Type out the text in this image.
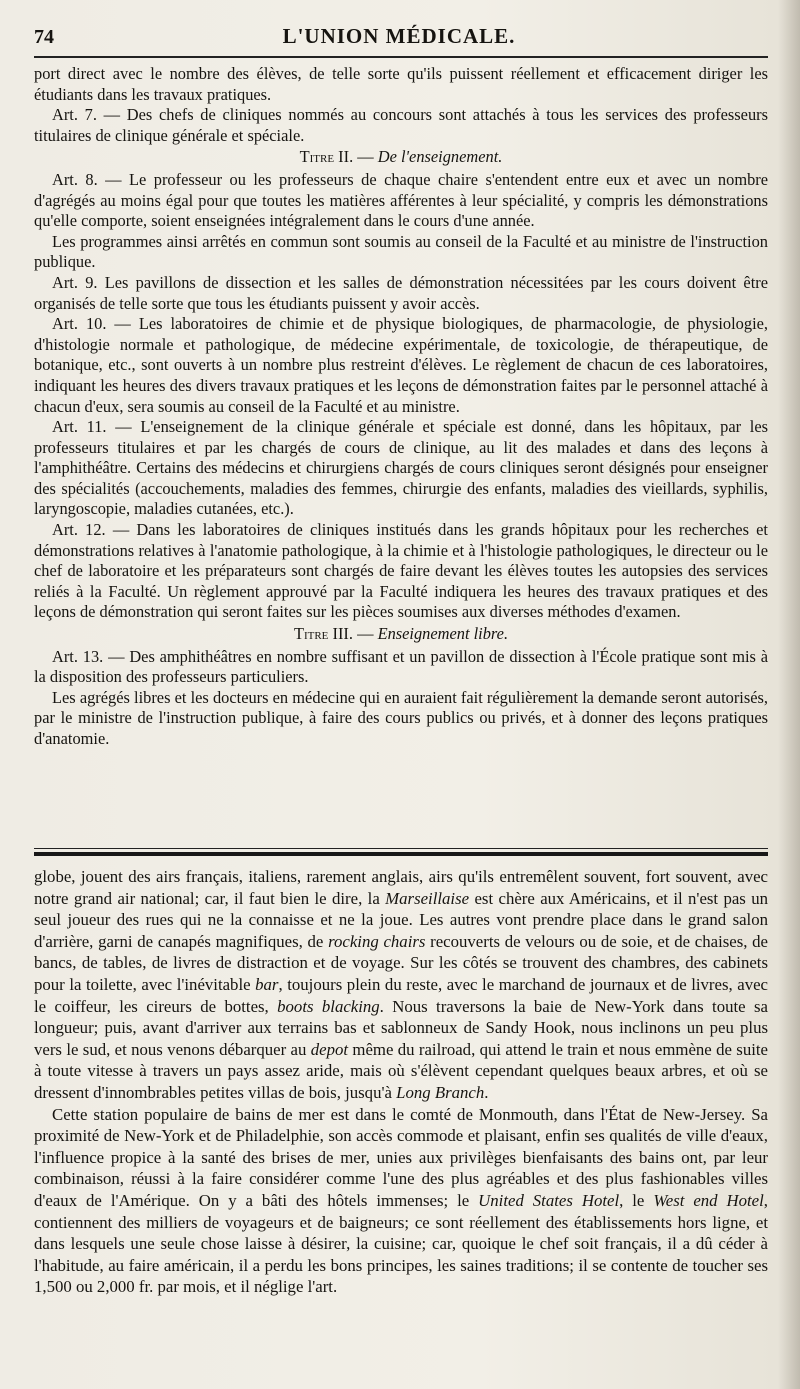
74	L'UNION MÉDICALE.

port direct avec le nombre des élèves, de telle sorte qu'ils puissent réellement et efficacement diriger les étudiants dans les travaux pratiques.

Art. 7. — Des chefs de cliniques nommés au concours sont attachés à tous les services des professeurs titulaires de clinique générale et spéciale.

Titre II. — De l'enseignement.

Art. 8. — Le professeur ou les professeurs de chaque chaire s'entendent entre eux et avec un nombre d'agrégés au moins égal pour que toutes les matières afférentes à leur spécialité, y compris les démonstrations qu'elle comporte, soient enseignées intégralement dans le cours d'une année.

Les programmes ainsi arrêtés en commun sont soumis au conseil de la Faculté et au ministre de l'instruction publique.

Art. 9. Les pavillons de dissection et les salles de démonstration nécessitées par les cours doivent être organisés de telle sorte que tous les étudiants puissent y avoir accès.

Art. 10. — Les laboratoires de chimie et de physique biologiques, de pharmacologie, de physiologie, d'histologie normale et pathologique, de médecine expérimentale, de toxicologie, de thérapeutique, de botanique, etc., sont ouverts à un nombre plus restreint d'élèves. Le règlement de chacun de ces laboratoires, indiquant les heures des divers travaux pratiques et les leçons de démonstration faites par le personnel attaché à chacun d'eux, sera soumis au conseil de la Faculté et au ministre.

Art. 11. — L'enseignement de la clinique générale et spéciale est donné, dans les hôpitaux, par les professeurs titulaires et par les chargés de cours de clinique, au lit des malades et dans des leçons à l'amphithéâtre. Certains des médecins et chirurgiens chargés de cours cliniques seront désignés pour enseigner des spécialités (accouchements, maladies des femmes, chirurgie des enfants, maladies des vieillards, syphilis, laryngoscopie, maladies cutanées, etc.).

Art. 12. — Dans les laboratoires de cliniques institués dans les grands hôpitaux pour les recherches et démonstrations relatives à l'anatomie pathologique, à la chimie et à l'histologie pathologiques, le directeur ou le chef de laboratoire et les préparateurs sont chargés de faire devant les élèves toutes les autopsies des services reliés à la Faculté. Un règlement approuvé par la Faculté indiquera les heures des travaux pratiques et des leçons de démonstration qui seront faites sur les pièces soumises aux diverses méthodes d'examen.

Titre III. — Enseignement libre.

Art. 13. — Des amphithéâtres en nombre suffisant et un pavillon de dissection à l'École pratique sont mis à la disposition des professeurs particuliers.

Les agrégés libres et les docteurs en médecine qui en auraient fait régulièrement la demande seront autorisés, par le ministre de l'instruction publique, à faire des cours publics ou privés, et à donner des leçons pratiques d'anatomie.

globe, jouent des airs français, italiens, rarement anglais, airs qu'ils entremêlent souvent, fort souvent, avec notre grand air national; car, il faut bien le dire, la Marseillaise est chère aux Américains, et il n'est pas un seul joueur des rues qui ne la connaisse et ne la joue. Les autres vont prendre place dans le grand salon d'arrière, garni de canapés magnifiques, de rocking chairs recouverts de velours ou de soie, et de chaises, de bancs, de tables, de livres de distraction et de voyage. Sur les côtés se trouvent des chambres, des cabinets pour la toilette, avec l'inévitable bar, toujours plein du reste, avec le marchand de journaux et de livres, avec le coiffeur, les cireurs de bottes, boots blacking. Nous traversons la baie de New-York dans toute sa longueur; puis, avant d'arriver aux terrains bas et sablonneux de Sandy Hook, nous inclinons un peu plus vers le sud, et nous venons débarquer au depot même du railroad, qui attend le train et nous emmène de suite à toute vitesse à travers un pays assez aride, mais où s'élèvent cependant quelques beaux arbres, et où se dressent d'innombrables petites villas de bois, jusqu'à Long Branch.

Cette station populaire de bains de mer est dans le comté de Monmouth, dans l'État de New-Jersey. Sa proximité de New-York et de Philadelphie, son accès commode et plaisant, enfin ses qualités de ville d'eaux, l'influence propice à la santé des brises de mer, unies aux privilèges bienfaisants des bains ont, par leur combinaison, réussi à la faire considérer comme l'une des plus agréables et des plus fashionables villes d'eaux de l'Amérique. On y a bâti des hôtels immenses; le United States Hotel, le West end Hotel, contiennent des milliers de voyageurs et de baigneurs; ce sont réellement des établissements hors ligne, et dans lesquels une seule chose laisse à désirer, la cuisine; car, quoique le chef soit français, il a dû céder à l'habitude, au faire américain, il a perdu les bons principes, les saines traditions; il se contente de toucher ses 1,500 ou 2,000 fr. par mois, et il néglige l'art.
